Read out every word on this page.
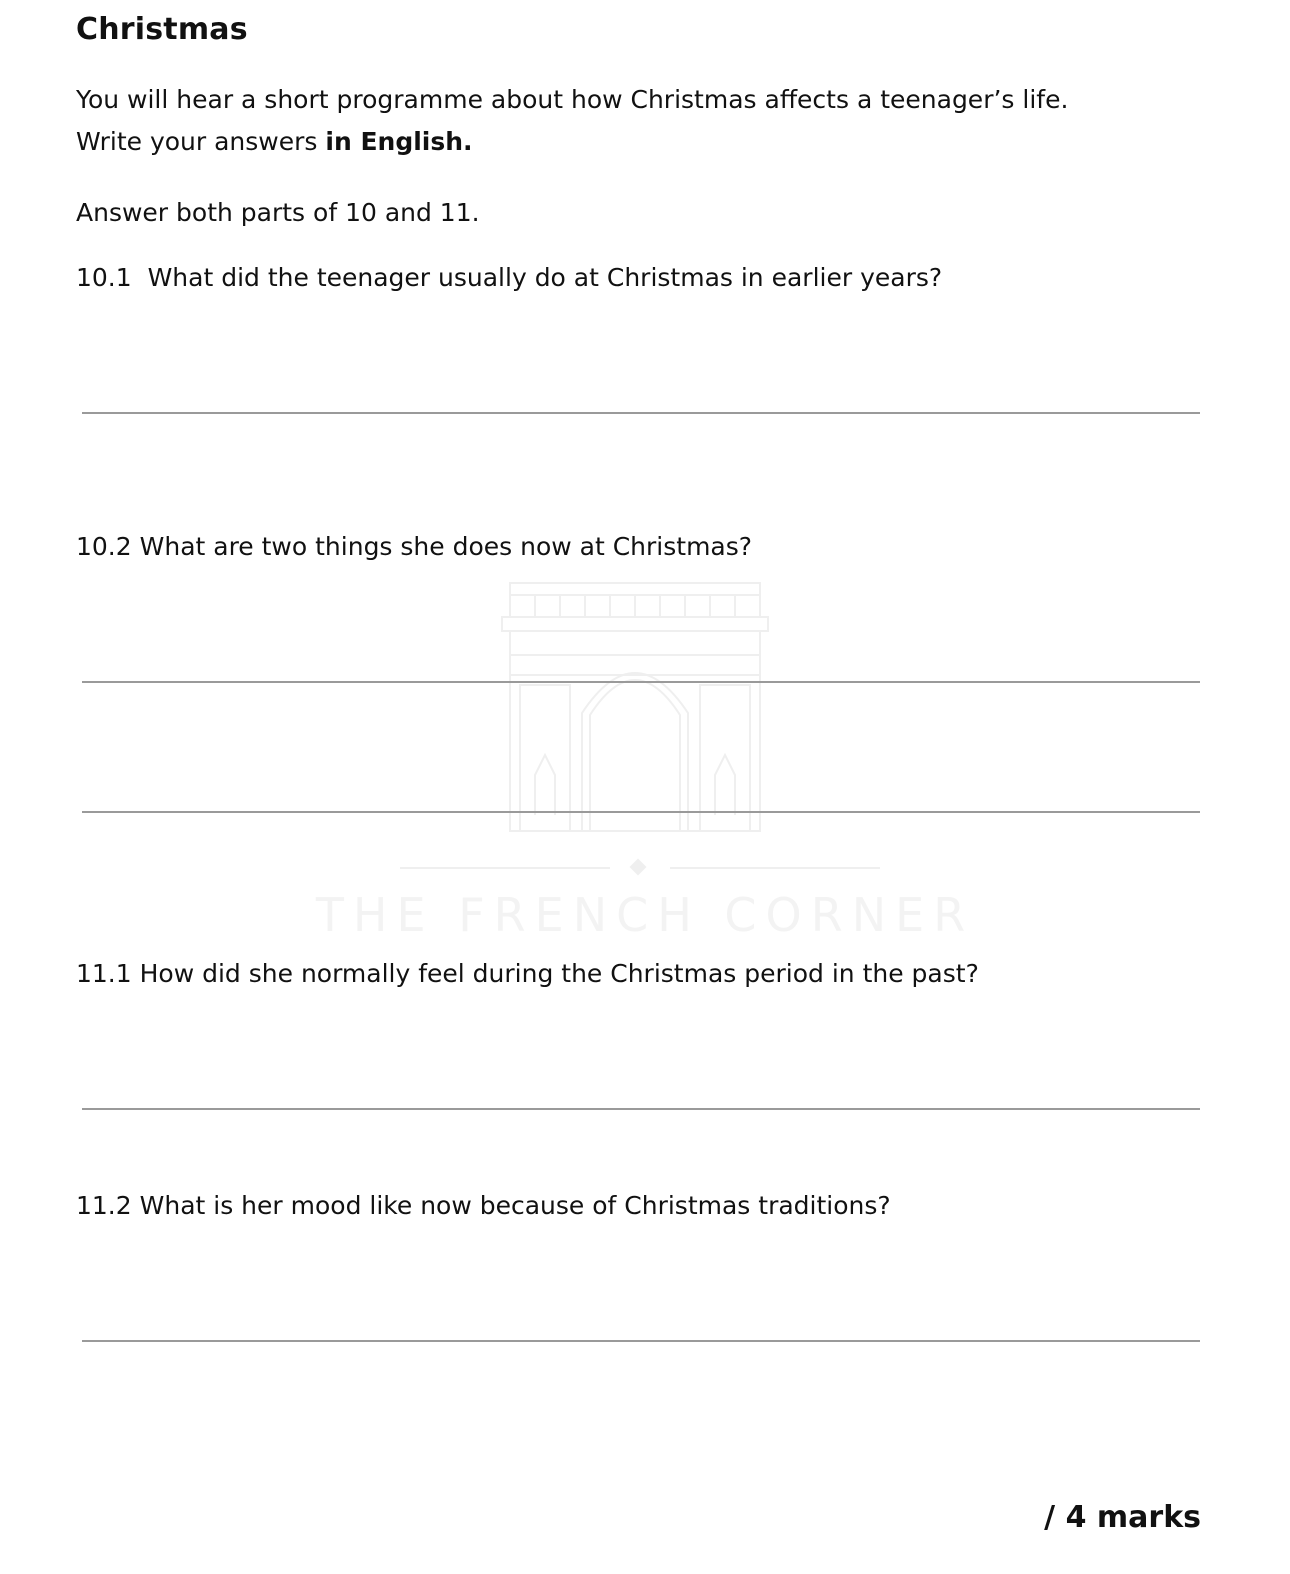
THE FRENCH CORNER
Christmas
You will hear a short programme about how Christmas affects a teenager’s life.
Write your answers in English.
Answer both parts of 10 and 11.
10.1 What did the teenager usually do at Christmas in earlier years?
10.2 What are two things she does now at Christmas?
11.1 How did she normally feel during the Christmas period in the past?
11.2 What is her mood like now because of Christmas traditions?
/ 4 marks
